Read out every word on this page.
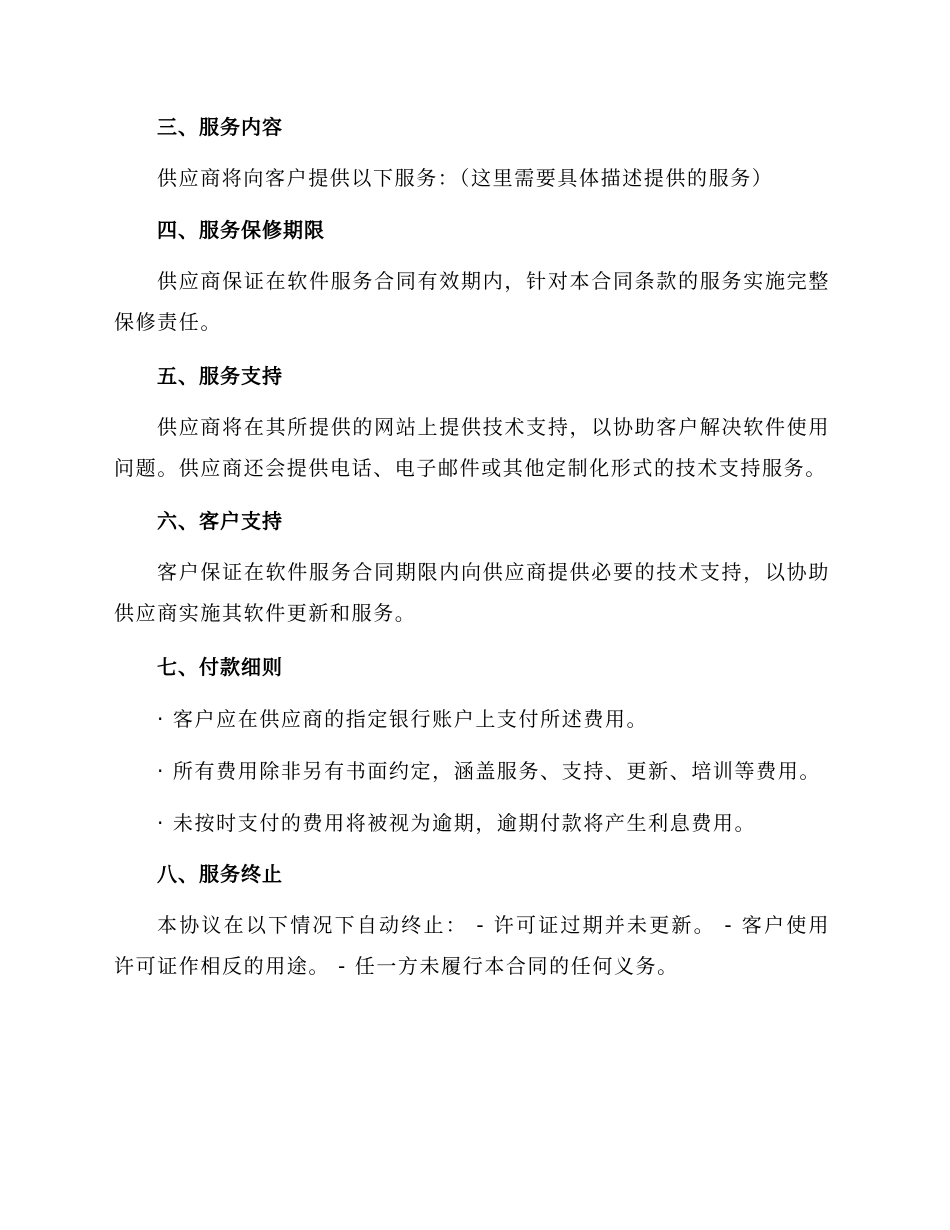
三、服务内容
供应商将向客户提供以下服务：（这里需要具体描述提供的服务）
四、服务保修期限
供应商保证在软件服务合同有效期内，针对本合同条款的服务实施完整保修责任。
五、服务支持
供应商将在其所提供的网站上提供技术支持，以协助客户解决软件使用问题。供应商还会提供电话、电子邮件或其他定制化形式的技术支持服务。
六、客户支持
客户保证在软件服务合同期限内向供应商提供必要的技术支持，以协助供应商实施其软件更新和服务。
七、付款细则
· 客户应在供应商的指定银行账户上支付所述费用。
· 所有费用除非另有书面约定，涵盖服务、支持、更新、培训等费用。
· 未按时支付的费用将被视为逾期，逾期付款将产生利息费用。
八、服务终止
本协议在以下情况下自动终止： - 许可证过期并未更新。 - 客户使用许可证作相反的用途。 - 任一方未履行本合同的任何义务。
